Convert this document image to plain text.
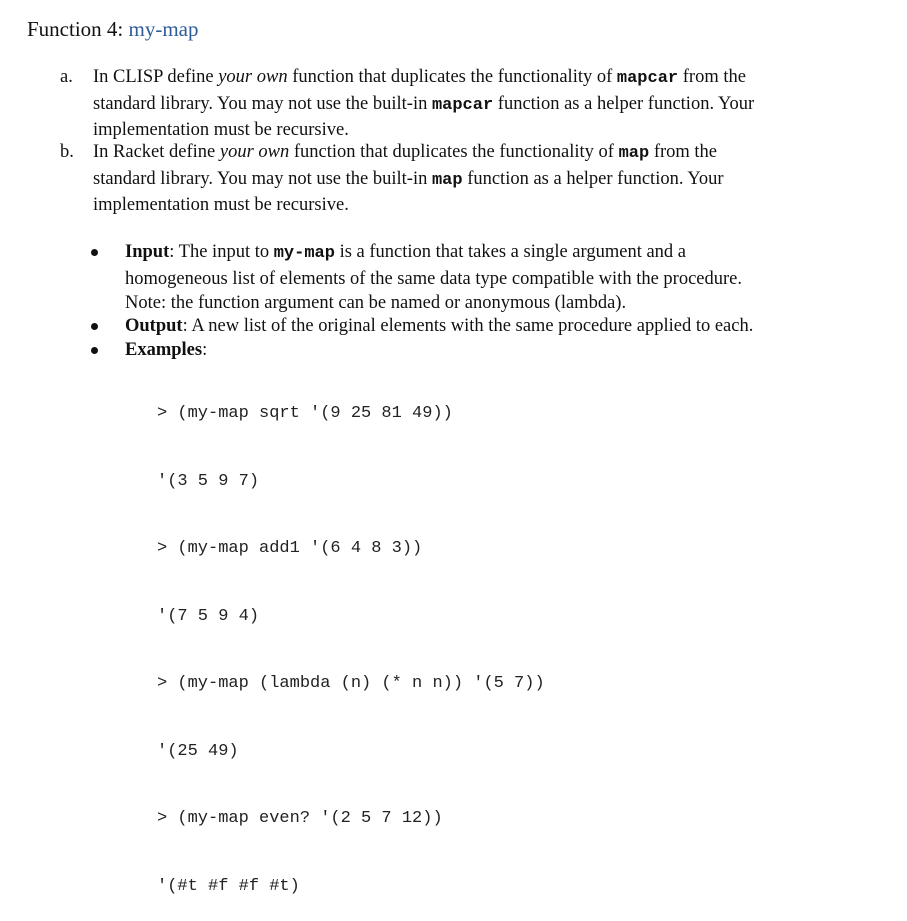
Function 4: my-map
a. In CLISP define your own function that duplicates the functionality of mapcar from the
standard library. You may not use the built-in mapcar function as a helper function. Your
implementation must be recursive.
b. In Racket define your own function that duplicates the functionality of map from the
standard library. You may not use the built-in map function as a helper function. Your
implementation must be recursive.
Input: The input to my-map is a function that takes a single argument and a
homogeneous list of elements of the same data type compatible with the procedure.
Note: the function argument can be named or anonymous (lambda).
Output: A new list of the original elements with the same procedure applied to each.
Examples:

> (my-map sqrt '(9 25 81 49))

'(3 5 9 7)

> (my-map add1 '(6 4 8 3))

'(7 5 9 4)

> (my-map (lambda (n) (* n n)) '(5 7))

'(25 49)

> (my-map even? '(2 5 7 12))

'(#t #f #f #t)
